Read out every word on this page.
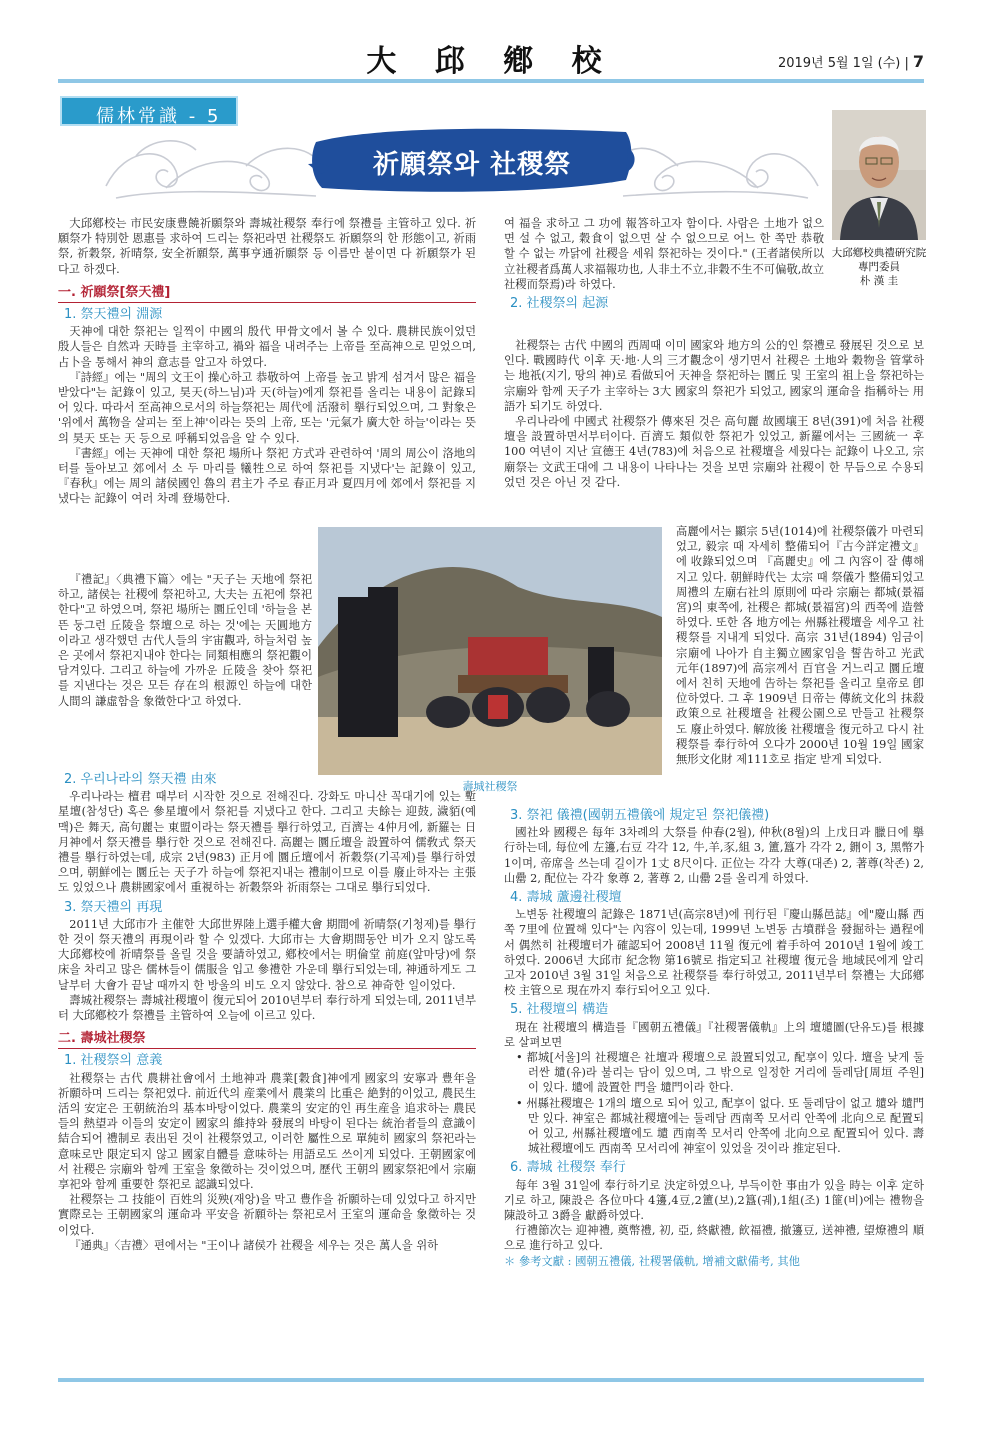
大 邱 鄕 校	2019년 5월 1일 (수) | 7
儒林常識 - 5
祈願祭와 社稷祭
大邱鄕校典禮硏究院
專門委員
朴 漢 圭

大邱鄕校는 市民安康豊饒祈願祭와 壽城社稷祭 奉行에 祭禮를 主管하고 있다. 祈願祭가 特別한 恩惠를 求하여 드리는 祭祀라면 社稷祭도 祈願祭의 한 形態이고, 祈雨祭, 祈穀祭, 祈晴祭, 安全祈願祭, 萬事亨通祈願祭 등 이름만 붙이면 다 祈願祭가 된다고 하겠다.

一. 祈願祭[祭天禮]
1. 祭天禮의 淵源

天神에 대한 祭祀는 일찍이 中國의 殷代 甲骨文에서 볼 수 있다. 農耕民族이었던 殷人들은 自然과 天時를 主宰하고, 禍와 福을 내려주는 上帝를 至高神으로 믿었으며, 占卜을 통해서 神의 意志를 알고자 하였다.

『詩經』에는 "周의 文王이 操心하고 恭敬하여 上帝를 높고 밝게 섬겨서 많은 福을 받았다"는 記錄이 있고, 昊天(하느님)과 天(하늘)에게 祭祀를 올리는 내용이 記錄되어 있다. 따라서 至高神으로서의 하늘祭祀는 周代에 活潑히 擧行되었으며, 그 對象은 '위에서 萬物을 살피는 至上神'이라는 뜻의 上帝, 또는 '元氣가 廣大한 하늘'이라는 뜻의 昊天 또는 天 등으로 呼稱되었음을 알 수 있다.

『書經』에는 天神에 대한 祭祀 場所나 祭祀 方式과 관련하여 '周의 周公이 洛地의 터를 둘아보고 郊에서 소 두 마리를 犧牲으로 하여 祭祀를 지냈다'는 記錄이 있고, 『春秋』에는 周의 諸侯國인 魯의 君主가 주로 春正月과 夏四月에 郊에서 祭祀를 지냈다는 記錄이 여러 차례 登場한다.

『禮記』〈典禮下篇〉에는 "天子는 天地에 祭祀하고, 諸侯는 社稷에 祭祀하고, 大夫는 五祀에 祭祀한다"고 하였으며, 祭祀 場所는 圜丘인데 '하늘을 본뜬 둥그런 丘陵을 祭壇으로 하는 것'에는 天圓地方이라고 생각했던 古代人들의 宇宙觀과, 하늘처럼 높은 곳에서 祭祀지내야 한다는 同類相應의 祭祀觀이 담겨있다. 그리고 하늘에 가까운 丘陵을 찾아 祭祀를 지낸다는 것은 모든 存在의 根源인 하늘에 대한 人間의 謙虛함을 象徵한다'고 하였다.

2. 우리나라의 祭天禮 由來

우리나라는 檀君 때부터 시작한 것으로 전해진다. 강화도 마니산 꼭대기에 있는 塹星壇(참성단) 혹은 參星壇에서 祭祀를 지냈다고 한다. 그리고 夫餘는 迎鼓, 濊貊(예맥)은 舞天, 高句麗는 東盟이라는 祭天禮를 擧行하였고, 百濟는 4仲月에, 新羅는 日月神에서 祭天禮를 擧行한 것으로 전해진다. 高麗는 圜丘壇을 設置하여 儒敎式 祭天禮를 擧行하였는데, 成宗 2년(983) 正月에 圜丘壇에서 祈穀祭(기곡제)를 擧行하였으며, 朝鮮에는 圜丘는 天子가 하늘에 祭祀지내는 禮制이므로 이를 廢止하자는 主張도 있었으나 農耕國家에서 重視하는 祈穀祭와 祈雨祭는 그대로 擧行되었다.

3. 祭天禮의 再現

2011년 大邱市가 主催한 大邱世界陸上選手權大會 期間에 祈晴祭(기청제)를 擧行한 것이 祭天禮의 再現이라 할 수 있겠다. 大邱市는 大會期間동안 비가 오지 않도록 大邱鄕校에 祈晴祭를 올릴 것을 要請하였고, 鄕校에서는 明倫堂 前庭(앞마당)에 祭床을 차리고 많은 儒林들이 儒服을 입고 參禮한 가운데 擧行되었는데, 神通하게도 그날부터 大會가 끝날 때까지 한 방울의 비도 오지 않았다. 참으로 神奇한 일이었다.

壽城社稷祭는 壽城社稷壇이 復元되어 2010년부터 奉行하게 되었는데, 2011년부터 大邱鄕校가 祭禮를 主管하여 오늘에 이르고 있다.

二. 壽城社稷祭
1. 社稷祭의 意義

社稷祭는 古代 農耕社會에서 土地神과 農業[穀食]神에게 國家의 安寧과 豊年을 祈願하며 드리는 祭祀였다. 前近代의 産業에서 農業의 比重은 絶對的이었고, 農民生活의 安定은 王朝統治의 基本바탕이었다. 農業의 安定的인 再生産을 追求하는 農民들의 熱望과 이들의 安定이 國家의 維持와 發展의 바탕이 된다는 統治者들의 意識이 結合되어 禮制로 表出된 것이 社稷祭였고, 이러한 屬性으로 單純히 國家의 祭祀라는 意味로만 限定되지 않고 國家自體를 意味하는 用語로도 쓰이게 되었다. 王朝國家에서 社稷은 宗廟와 함께 王室을 象徵하는 것이었으며, 歷代 王朝의 國家祭祀에서 宗廟享祀와 함께 重要한 祭祀로 認識되었다.

社稷祭는 그 技能이 百姓의 災殃(재앙)을 막고 豊作을 祈願하는데 있었다고 하지만 實際로는 王朝國家의 運命과 平安을 祈願하는 祭祀로서 王室의 運命을 象徵하는 것이었다.

『通典』〈吉禮〉편에서는 "王이나 諸侯가 社稷을 세우는 것은 萬人을 위하

壽城社稷祭

여 福을 求하고 그 功에 報答하고자 함이다. 사람은 土地가 없으면 설 수 없고, 穀食이 없으면 살 수 없으므로 어느 한 쪽만 恭敬할 수 없는 까닭에 社稷을 세워 祭祀하는 것이다." (王者諸侯所以立社稷者爲萬人求福報功也, 人非土不立,非穀不生不可偏敬,故立社稷而祭焉)라 하였다.

2. 社稷祭의 起源

社稷祭는 古代 中國의 西周때 이미 國家와 地方의 公的인 祭禮로 發展된 것으로 보인다. 戰國時代 이후 天·地·人의 三才觀念이 생기면서 社稷은 土地와 穀物을 管掌하는 地祇(지기, 땅의 神)로 看做되어 天神을 祭祀하는 圜丘 및 王室의 祖上을 祭祀하는 宗廟와 함께 天子가 主宰하는 3大 國家의 祭祀가 되었고, 國家의 運命을 指稱하는 用語가 되기도 하였다.

우리나라에 中國式 社稷祭가 傳來된 것은 高句麗 故國壤王 8년(391)에 처음 社稷壇을 設置하면서부터이다. 百濟도 類似한 祭祀가 있었고, 新羅에서는 三國統一 후 100 여년이 지난 宣德王 4년(783)에 처음으로 社稷壇을 세웠다는 記錄이 나오고, 宗廟祭는 文武王대에 그 내용이 나타나는 것을 보면 宗廟와 社稷이 한 무듬으로 수용되었던 것은 아닌 것 같다.

高麗에서는 顯宗 5년(1014)에 社稷祭儀가 마련되었고, 毅宗 때 자세히 整備되어『古今詳定禮文』에 收錄되었으며 『高麗史』에 그 內容이 잘 傳해지고 있다. 朝鮮時代는 太宗 때 祭儀가 整備되었고 周禮의 左廟右社의 原則에 따라 宗廟는 都城(景福宮)의 東쪽에, 社稷은 都城(景福宮)의 西쪽에 造營하였다. 또한 各 地方에는 州縣社稷壇을 세우고 社稷祭를 지내게 되었다. 高宗 31년(1894) 임금이 宗廟에 나아가 自主獨立國家임을 誓告하고 光武 元年(1897)에 高宗께서 百官을 거느리고 圜丘壇에서 친히 天地에 告하는 祭祀를 올리고 皇帝로 卽位하였다. 그 후 1909년 日帝는 傳統文化의 抹殺政策으로 社稷壇을 社稷公園으로 만들고 社稷祭도 廢止하였다. 解放後 社稷壇을 復元하고 다시 社稷祭를 奉行하여 오다가 2000년 10월 19일 國家 無形文化財 제111호로 指定 받게 되었다.

3. 祭祀 儀禮(國朝五禮儀에 規定된 祭祀儀禮)

國社와 國稷은 每年 3차례의 大祭를 仲春(2월), 仲秋(8월)의 上戊日과 臘日에 擧行하는데, 每位에 左籩,右豆 각각 12, 牛,羊,豕,組 3, 簠,簋가 각각 2, 鉶이 3, 黑幣가 1이며, 帝席을 쓰는데 길이가 1丈 8尺이다. 正位는 각각 大尊(대존) 2, 著尊(착존) 2, 山罍 2, 配位는 각각 象尊 2, 著尊 2, 山罍 2를 올리게 하였다.

4. 壽城 蘆邊社稷壇

노변동 社稷壇의 記錄은 1871년(高宗8년)에 刊行된『慶山縣邑誌』에"慶山縣 西쪽 7里에 位置해 있다"는 內容이 있는데, 1999년 노변동 古墳群을 發掘하는 過程에서 偶然히 社稷壇터가 確認되어 2008년 11월 復元에 着手하여 2010년 1월에 竣工하였다. 2006년 大邱市 紀念物 第16號로 指定되고 社稷壇 復元을 地域民에게 알리고자 2010년 3월 31일 처음으로 社稷祭를 奉行하였고, 2011년부터 祭禮는 大邱鄕校 主管으로 現在까지 奉行되어오고 있다.

5. 社稷壇의 構造

現在 社稷壇의 構造를『國朝五禮儀』『社稷署儀軌』上의 壇壝圖(단유도)를 根據로 살펴보면

• 都城[서울]의 社稷壇은 社壇과 稷壇으로 設置되었고, 配享이 있다. 壇을 낮게 둘러싼 壝(유)라 불리는 담이 있으며, 그 밖으로 일정한 거리에 둘레담[周垣 주원]이 있다. 壝에 設置한 門을 壝門이라 한다.
• 州縣社稷壇은 1개의 壇으로 되어 있고, 配享이 없다. 또 둘레담이 없고 壝와 壝門만 있다. 神室은 都城社稷壇에는 둘레담 西南쪽 모서리 안쪽에 北向으로 配置되어 있고, 州縣社稷壇에도 壝 西南쪽 모서리 안쪽에 北向으로 配置되어 있다. 壽城社稷壇에도 西南쪽 모서리에 神室이 있었을 것이라 推定된다.
6. 壽城 社稷祭 奉行

每年 3월 31일에 奉行하기로 決定하였으나, 부득이한 事由가 있을 時는 이후 定하기로 하고, 陳設은 各位마다 4籩,4豆,2簠(보),2簋(궤),1組(조) 1篚(비)에는 禮物을 陳設하고 3爵을 獻爵하였다.

行禮節次는 迎神禮, 奠幣禮, 初, 亞, 終獻禮, 飮福禮, 撤籩豆, 送神禮, 望燎禮의 順으로 進行하고 있다.

＊ 參考文獻 : 國朝五禮儀, 社稷署儀軌, 增補文獻備考, 其他
